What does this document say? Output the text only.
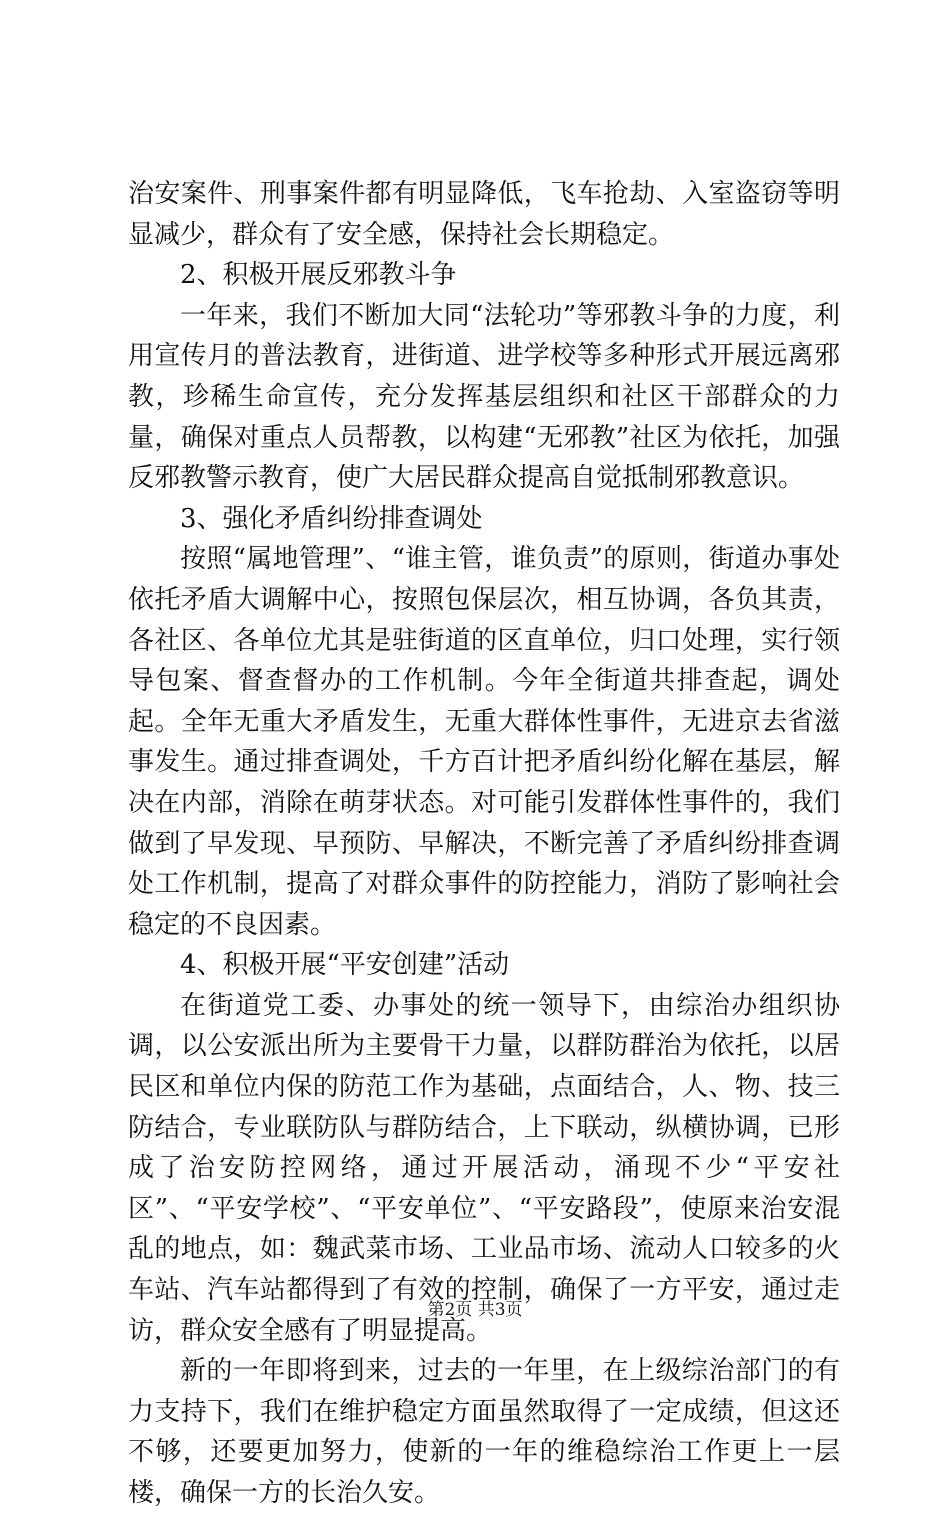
治安案件、刑事案件都有明显降低，飞车抢劫、入室盗窃等明显减少，群众有了安全感，保持社会长期稳定。

2、积极开展反邪教斗争

一年来，我们不断加大同“法轮功”等邪教斗争的力度，利用宣传月的普法教育，进街道、进学校等多种形式开展远离邪教，珍稀生命宣传，充分发挥基层组织和社区干部群众的力量，确保对重点人员帮教，以构建“无邪教”社区为依托，加强反邪教警示教育，使广大居民群众提高自觉抵制邪教意识。

3、强化矛盾纠纷排查调处

按照“属地管理”、“谁主管，谁负责”的原则，街道办事处依托矛盾大调解中心，按照包保层次，相互协调，各负其责，各社区、各单位尤其是驻街道的区直单位，归口处理，实行领导包案、督查督办的工作机制。今年全街道共排查起，调处起。全年无重大矛盾发生，无重大群体性事件，无进京去省滋事发生。通过排查调处，千方百计把矛盾纠纷化解在基层，解决在内部，消除在萌芽状态。对可能引发群体性事件的，我们做到了早发现、早预防、早解决，不断完善了矛盾纠纷排查调处工作机制，提高了对群众事件的防控能力，消防了影响社会稳定的不良因素。

4、积极开展“平安创建”活动

在街道党工委、办事处的统一领导下，由综治办组织协调，以公安派出所为主要骨干力量，以群防群治为依托，以居民区和单位内保的防范工作为基础，点面结合，人、物、技三防结合，专业联防队与群防结合，上下联动，纵横协调，已形成了治安防控网络，通过开展活动，涌现不少“平安社区”、“平安学校”、“平安单位”、“平安路段”，使原来治安混乱的地点，如：魏武菜市场、工业品市场、流动人口较多的火车站、汽车站都得到了有效的控制，确保了一方平安，通过走访，群众安全感有了明显提高。

新的一年即将到来，过去的一年里，在上级综治部门的有力支持下，我们在维护稳定方面虽然取得了一定成绩，但这还不够，还要更加努力，使新的一年的维稳综治工作更上一层楼，确保一方的长治久安。

第2页 共3页
